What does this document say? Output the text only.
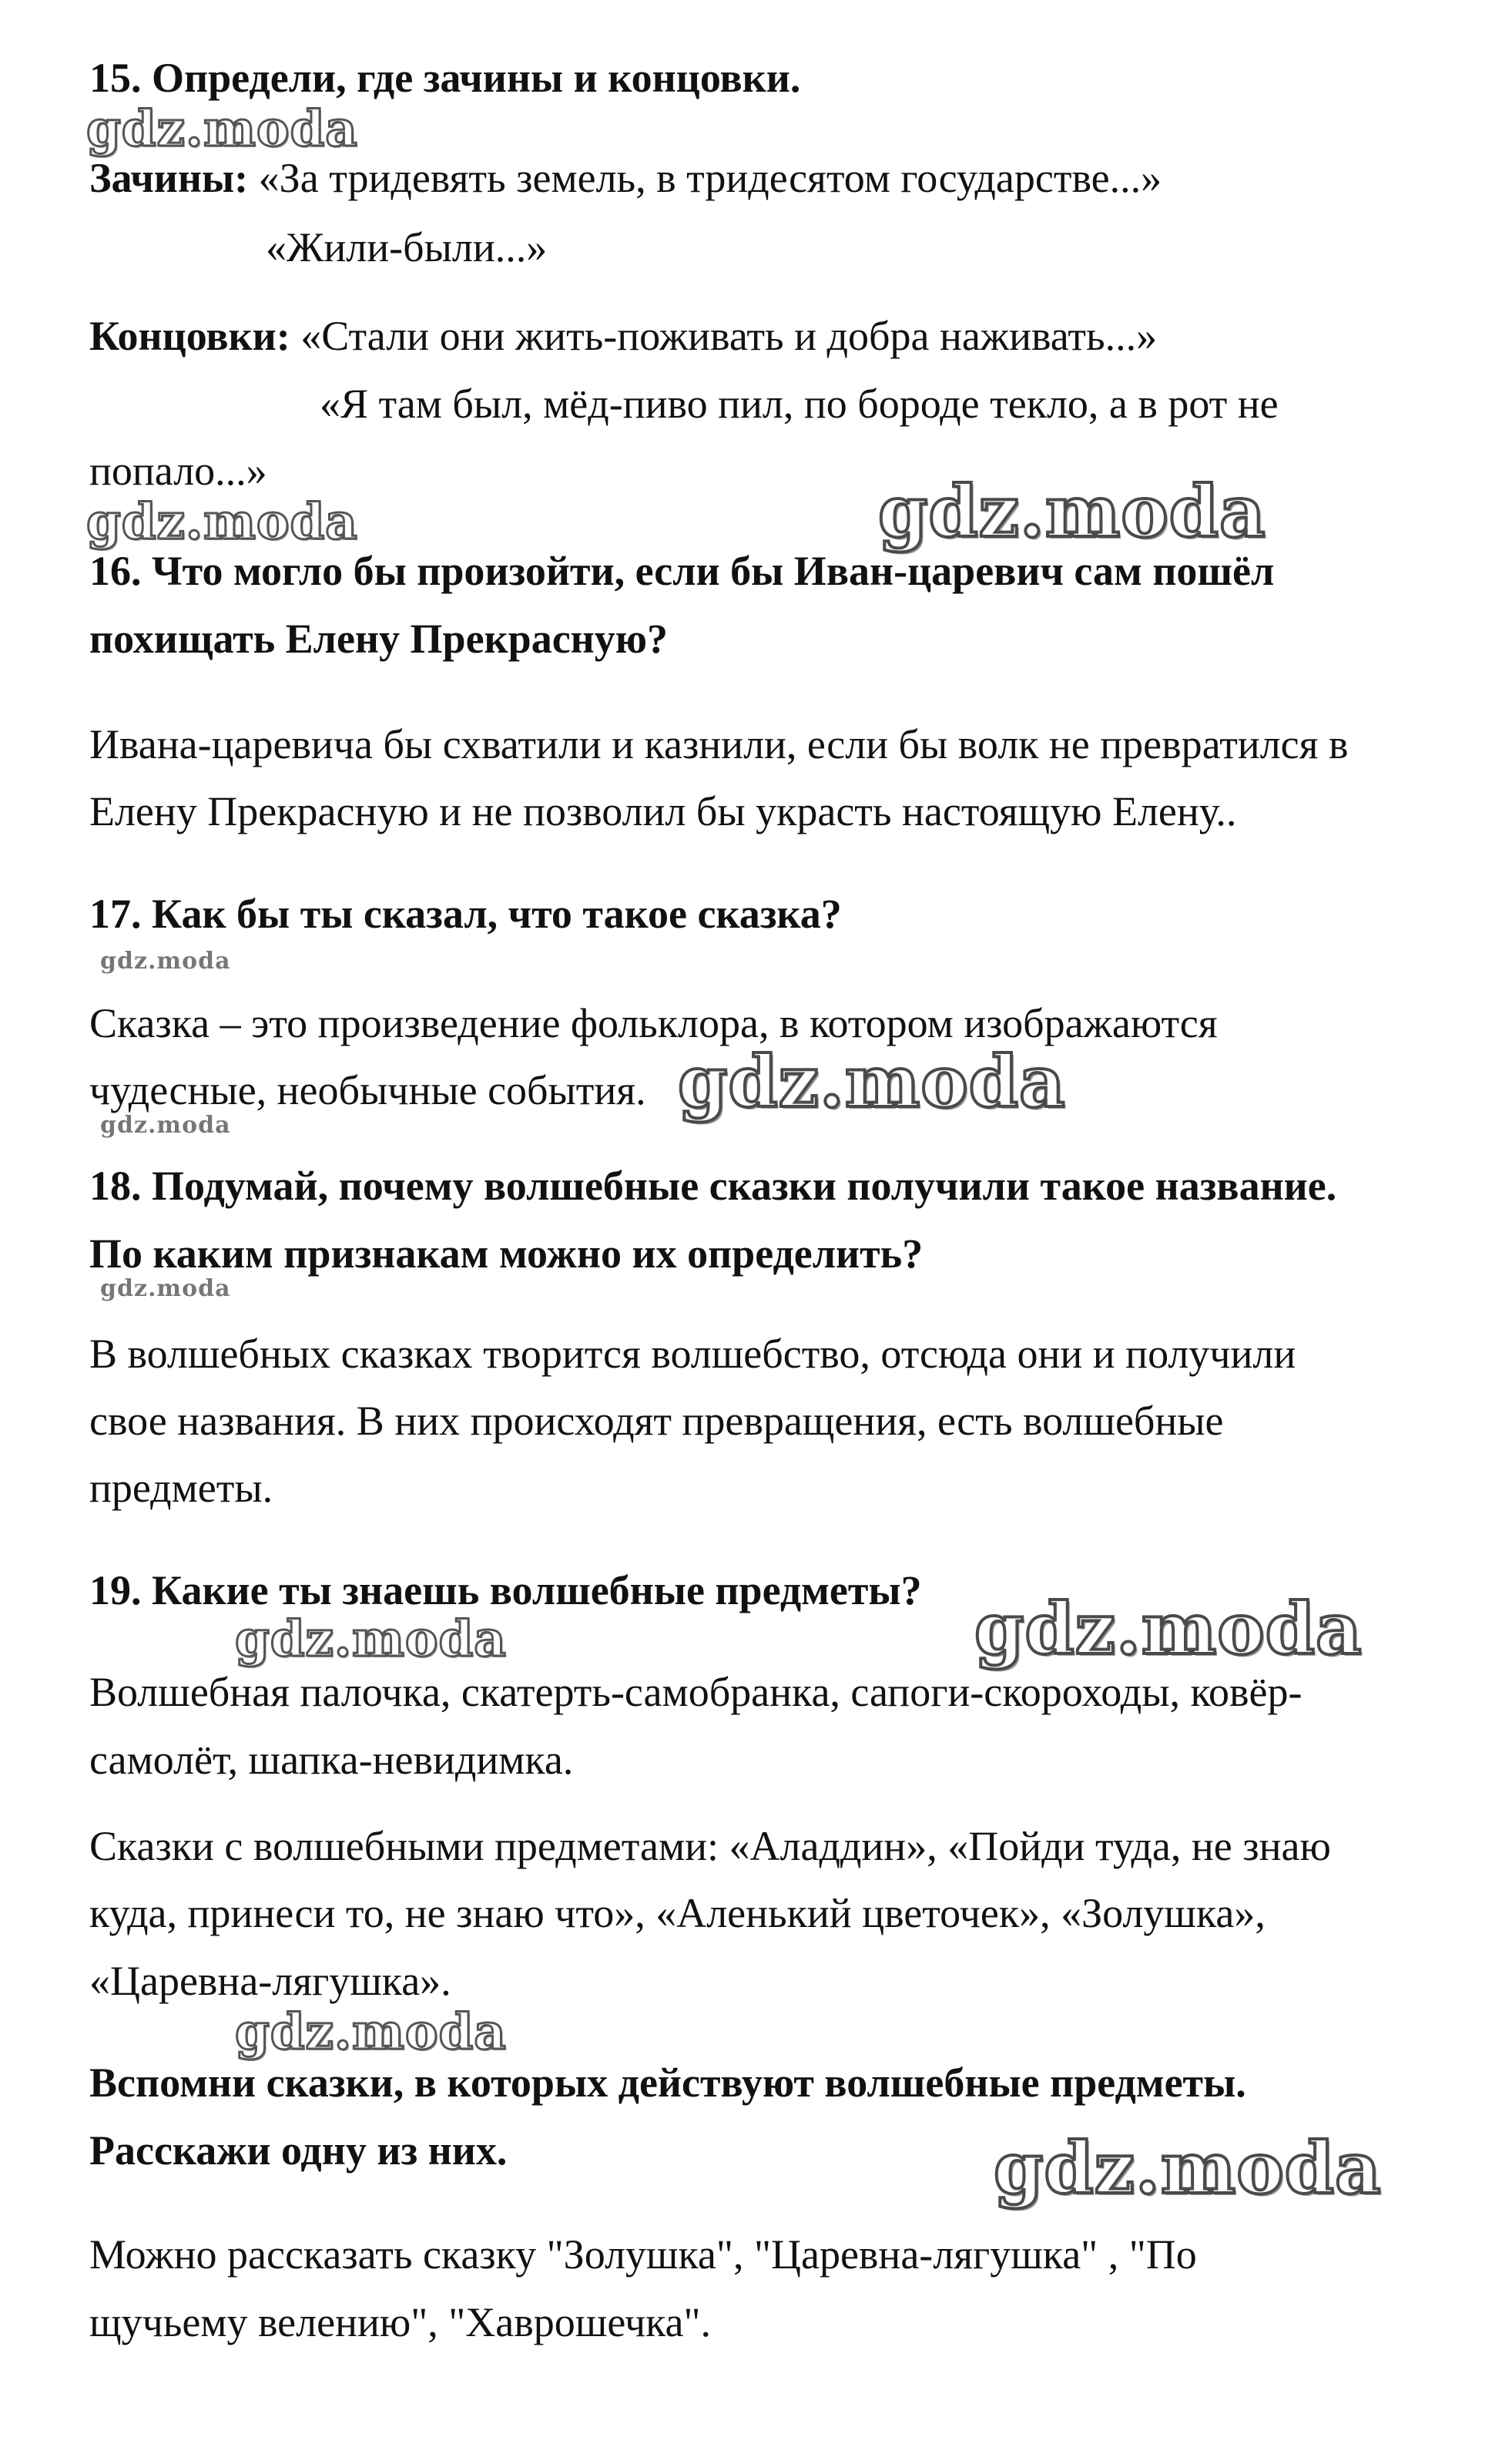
15. Определи, где зачины и концовки.
gdz.moda
Зачины: «За тридевять земель, в тридесятом государстве...»
«Жили-были...»
Концовки: «Стали они жить-поживать и добра наживать...»
«Я там был, мёд-пиво пил, по бороде текло, а в рот не
попало...»
gdz.moda	gdz.moda
16. Что могло бы произойти, если бы Иван-царевич сам пошёл
похищать Елену Прекрасную?
Ивана-царевича бы схватили и казнили, если бы волк не превратился в
Елену Прекрасную и не позволил бы украсть настоящую Елену..
17. Как бы ты сказал, что такое сказка?
gdz.moda
Сказка – это произведение фольклора, в котором изображаются
чудесные, необычные события. gdz.moda
gdz.moda
18. Подумай, почему волшебные сказки получили такое название.
По каким признакам можно их определить?
gdz.moda
В волшебных сказках творится волшебство, отсюда они и получили
свое названия. В них происходят превращения, есть волшебные
предметы.
19. Какие ты знаешь волшебные предметы?
gdz.moda	gdz.moda
Волшебная палочка, скатерть-самобранка, сапоги-скороходы, ковёр-
самолёт, шапка-невидимка.
Сказки с волшебными предметами: «Аладдин», «Пойди туда, не знаю
куда, принеси то, не знаю что», «Аленький цветочек», «Золушка»,
«Царевна-лягушка».
gdz.moda
Вспомни сказки, в которых действуют волшебные предметы.
Расскажи одну из них.	gdz.moda
Можно рассказать сказку "Золушка", "Царевна-лягушка" , "По
щучьему велению", "Хаврошечка".
